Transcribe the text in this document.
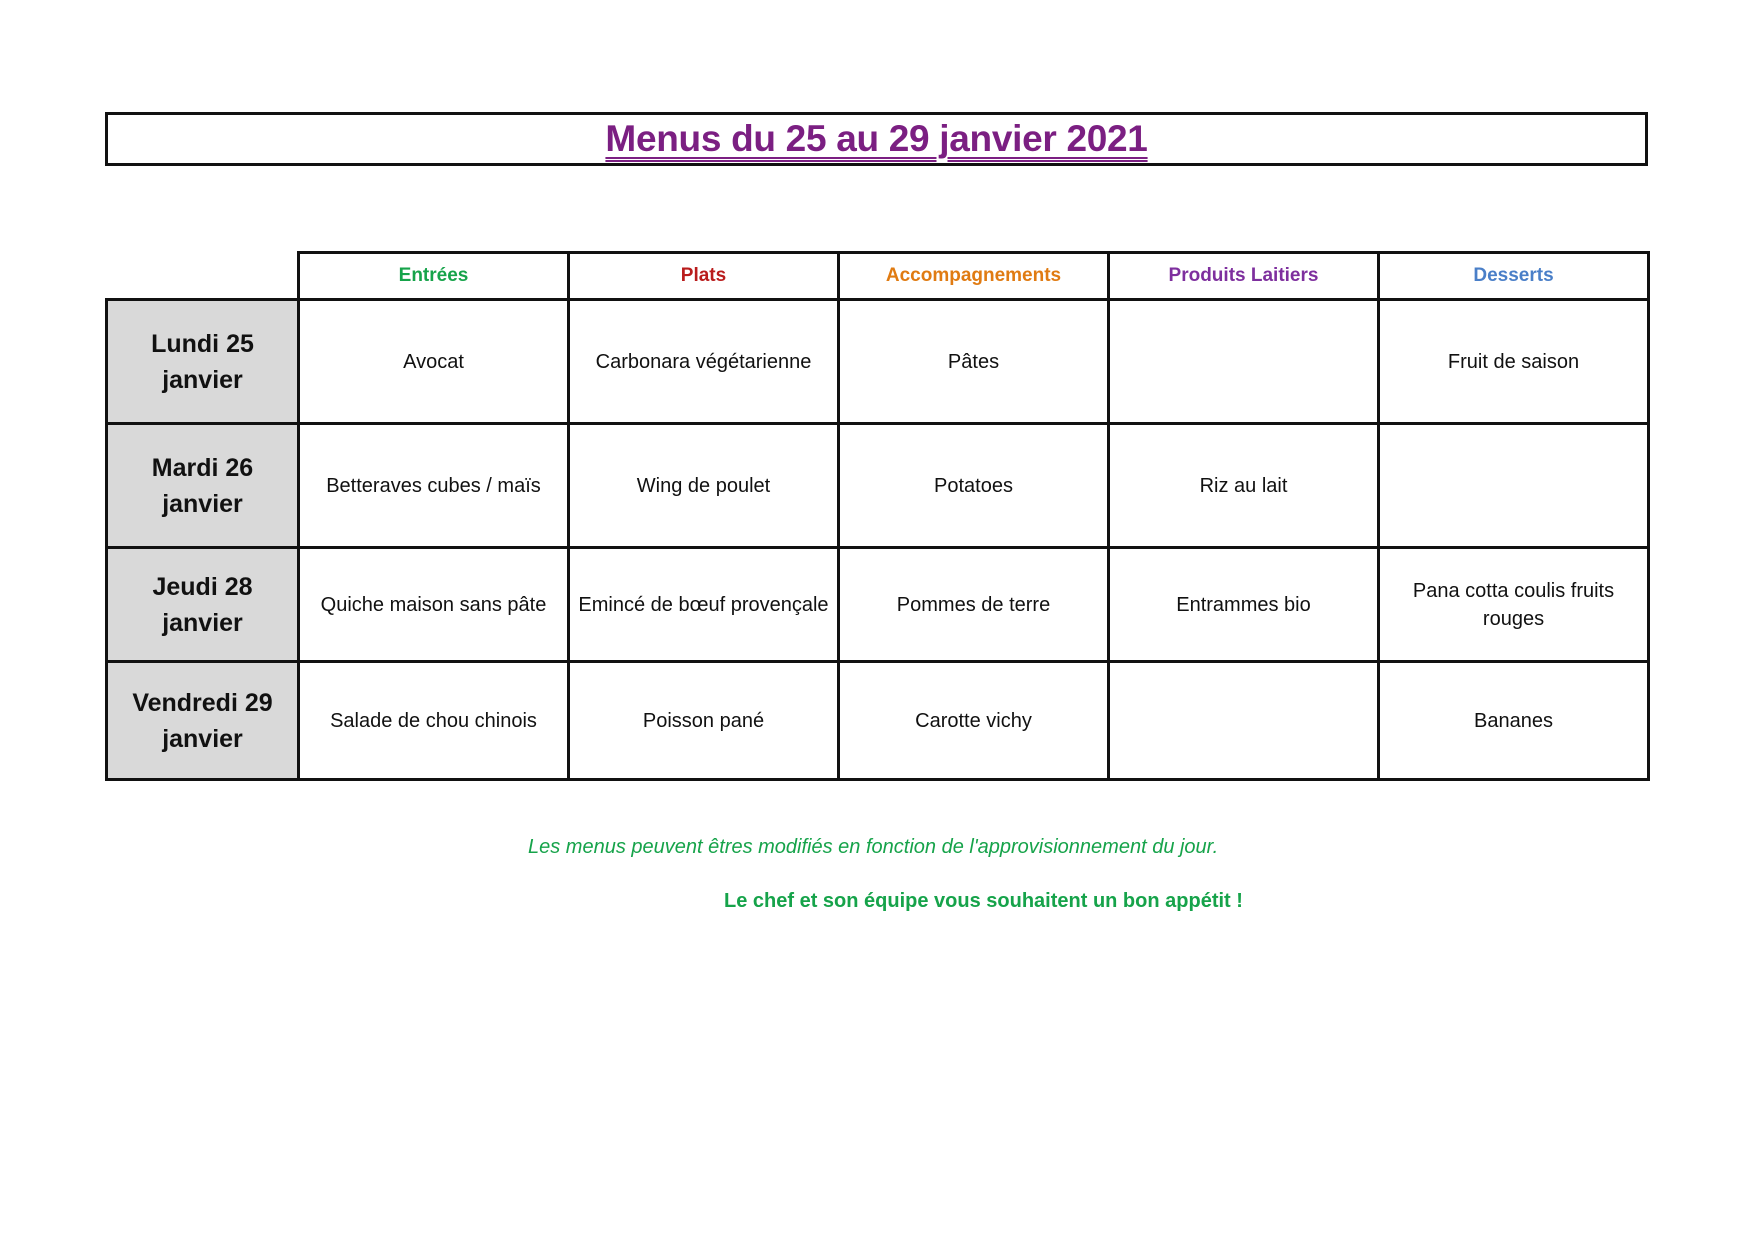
Menus du 25 au 29 janvier 2021
	Entrées	Plats	Accompagnements	Produits Laitiers	Desserts
Lundi 25 janvier	Avocat	Carbonara végétarienne	Pâtes		Fruit de saison
Mardi 26 janvier	Betteraves cubes / maïs	Wing de poulet	Potatoes	Riz au lait	
Jeudi 28 janvier	Quiche maison sans pâte	Emincé de bœuf provençale	Pommes de terre	Entrammes bio	Pana cotta coulis fruits rouges
Vendredi 29 janvier	Salade de chou chinois	Poisson pané	Carotte vichy		Bananes
Les menus peuvent êtres modifiés en fonction de l'approvisionnement du jour.
Le chef et son équipe vous souhaitent un bon appétit !
